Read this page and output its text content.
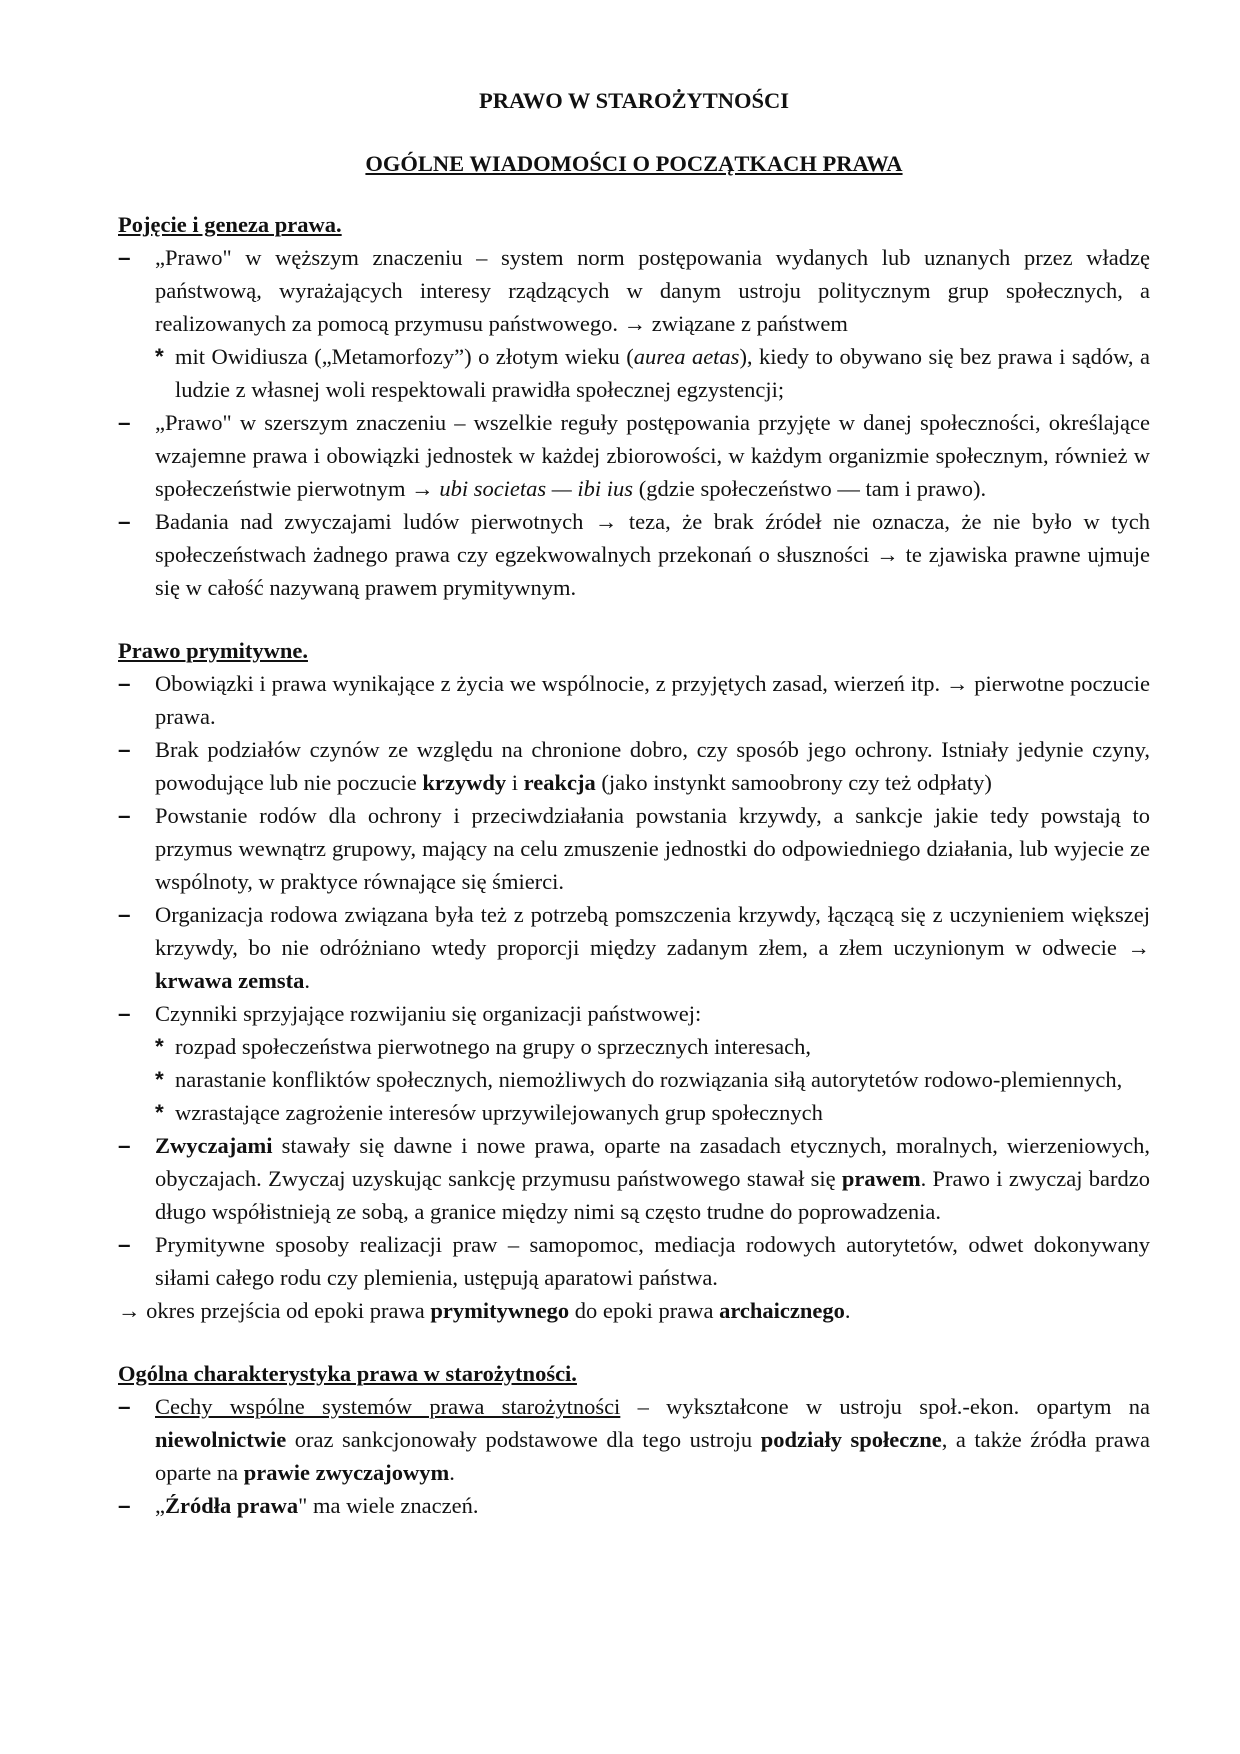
PRAWO W STAROŻYTNOŚCI

OGÓLNE WIADOMOŚCI O POCZĄTKACH PRAWA

Pojęcie i geneza prawa.

–	„Prawo" w węższym znaczeniu – system norm postępowania wydanych lub uznanych przez władzę państwową, wyrażających interesy rządzących w danym ustroju politycznym grup społecznych, a realizowanych za pomocą przymusu państwowego. → związane z państwem
* mit Owidiusza („Metamorfozy”) o złotym wieku (aurea aetas), kiedy to obywano się bez prawa i sądów, a ludzie z własnej woli respektowali prawidła społecznej egzystencji;
–	„Prawo" w szerszym znaczeniu – wszelkie reguły postępowania przyjęte w danej społeczności, określające wzajemne prawa i obowiązki jednostek w każdej zbiorowości, w każdym organizmie społecznym, również w społeczeństwie pierwotnym → ubi societas — ibi ius (gdzie społeczeństwo — tam i prawo).
–	Badania nad zwyczajami ludów pierwotnych → teza, że brak źródeł nie oznacza, że nie było w tych społeczeństwach żadnego prawa czy egzekwowalnych przekonań o słuszności → te zjawiska prawne ujmuje się w całość nazywaną prawem prymitywnym.

Prawo prymitywne.

–	Obowiązki i prawa wynikające z życia we wspólnocie, z przyjętych zasad, wierzeń itp. → pierwotne poczucie prawa.
–	Brak podziałów czynów ze względu na chronione dobro, czy sposób jego ochrony. Istniały jedynie czyny, powodujące lub nie poczucie krzywdy i reakcja (jako instynkt samoobrony czy też odpłaty)
–	Powstanie rodów dla ochrony i przeciwdziałania powstania krzywdy, a sankcje jakie tedy powstają to przymus wewnątrz grupowy, mający na celu zmuszenie jednostki do odpowiedniego działania, lub wyjecie ze wspólnoty, w praktyce równające się śmierci.
–	Organizacja rodowa związana była też z potrzebą pomszczenia krzywdy, łączącą się z uczynieniem większej krzywdy, bo nie odróżniano wtedy proporcji między zadanym złem, a złem uczynionym w odwecie → krwawa zemsta.
–	Czynniki sprzyjające rozwijaniu się organizacji państwowej:
* rozpad społeczeństwa pierwotnego na grupy o sprzecznych interesach,
* narastanie konfliktów społecznych, niemożliwych do rozwiązania siłą autorytetów rodowo-plemiennych,
* wzrastające zagrożenie interesów uprzywilejowanych grup społecznych
–	Zwyczajami stawały się dawne i nowe prawa, oparte na zasadach etycznych, moralnych, wierzeniowych, obyczajach. Zwyczaj uzyskując sankcję przymusu państwowego stawał się prawem. Prawo i zwyczaj bardzo długo współistnieją ze sobą, a granice między nimi są często trudne do poprowadzenia.
–	Prymitywne sposoby realizacji praw – samopomoc, mediacja rodowych autorytetów, odwet dokonywany siłami całego rodu czy plemienia, ustępują aparatowi państwa.
→ okres przejścia od epoki prawa prymitywnego do epoki prawa archaicznego.

Ogólna charakterystyka prawa w starożytności.

–	Cechy wspólne systemów prawa starożytności – wykształcone w ustroju społ.-ekon. opartym na niewolnictwie oraz sankcjonowały podstawowe dla tego ustroju podziały społeczne, a także źródła prawa oparte na prawie zwyczajowym.
–	„Źródła prawa" ma wiele znaczeń.
